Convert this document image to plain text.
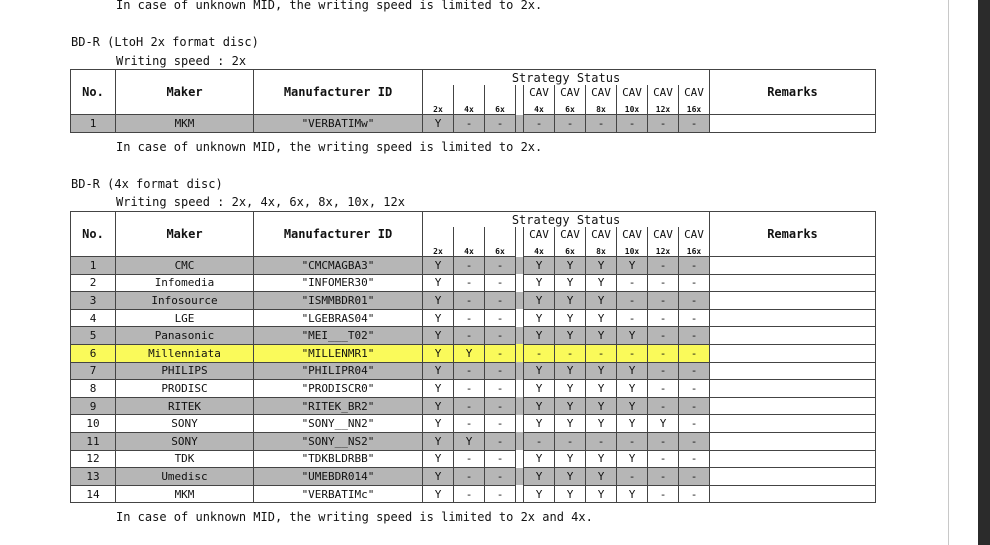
In case of unknown MID, the writing speed is limited to 2x.
BD-R (LtoH 2x format disc)
Writing speed : 2x
No.	Maker	Manufacturer ID	Strategy Status										Remarks
							CAV	CAV	CAV	CAV	CAV	CAV	
			2x	4x	6x		4x	6x	8x	10x	12x	16x	
1	MKM	"VERBATIMw"	Y	-	-		-	-	-	-	-	-	
In case of unknown MID, the writing speed is limited to 2x.
BD-R (4x format disc)
Writing speed : 2x, 4x, 6x, 8x, 10x, 12x
No.	Maker	Manufacturer ID	Strategy Status										Remarks
							CAV	CAV	CAV	CAV	CAV	CAV	
			2x	4x	6x		4x	6x	8x	10x	12x	16x	
1	CMC	"CMCMAGBA3"	Y	-	-		Y	Y	Y	Y	-	-	
2	Infomedia	"INFOMER30"	Y	-	-		Y	Y	Y	-	-	-	
3	Infosource	"ISMMBDR01"	Y	-	-		Y	Y	Y	-	-	-	
4	LGE	"LGEBRAS04"	Y	-	-		Y	Y	Y	-	-	-	
5	Panasonic	"MEI___T02"	Y	-	-		Y	Y	Y	Y	-	-	
6	Millenniata	"MILLENMR1"	Y	Y	-		-	-	-	-	-	-	
7	PHILIPS	"PHILIPR04"	Y	-	-		Y	Y	Y	Y	-	-	
8	PRODISC	"PRODISCR0"	Y	-	-		Y	Y	Y	Y	-	-	
9	RITEK	"RITEK_BR2"	Y	-	-		Y	Y	Y	Y	-	-	
10	SONY	"SONY__NN2"	Y	-	-		Y	Y	Y	Y	Y	-	
11	SONY	"SONY__NS2"	Y	Y	-		-	-	-	-	-	-	
12	TDK	"TDKBLDRBB"	Y	-	-		Y	Y	Y	Y	-	-	
13	Umedisc	"UMEBDR014"	Y	-	-		Y	Y	Y	-	-	-	
14	MKM	"VERBATIMc"	Y	-	-		Y	Y	Y	Y	-	-	
In case of unknown MID, the writing speed is limited to 2x and 4x.
